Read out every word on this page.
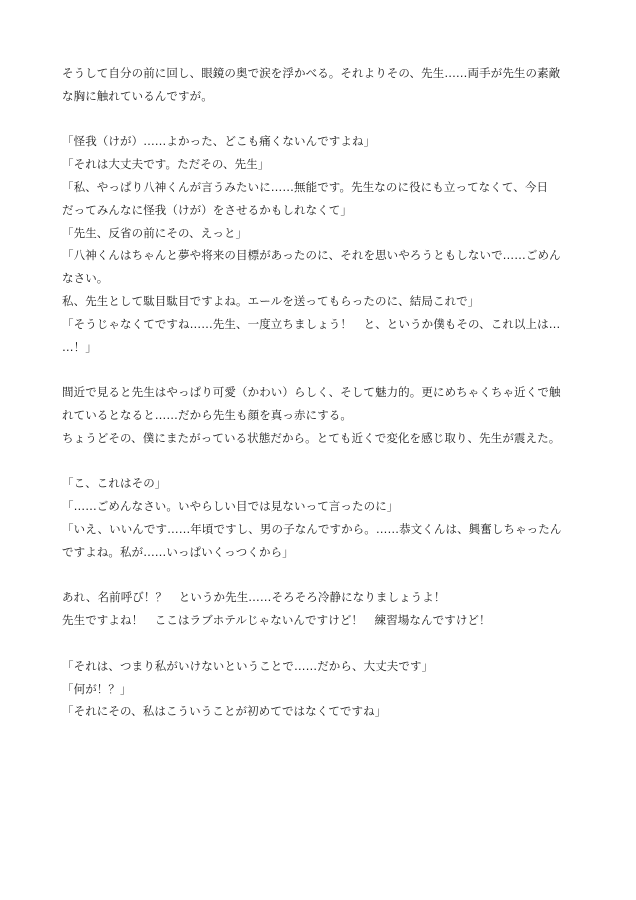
そうして自分の前に回し、眼鏡の奥で涙を浮かべる。それよりその、先生……両手が先生の素敵
な胸に触れているんですが。
「怪我（けが）……よかった、どこも痛くないんですよね」
「それは大丈夫です。ただその、先生」
「私、やっぱり八神くんが言うみたいに……無能です。先生なのに役にも立ってなくて、今日
だってみんなに怪我（けが）をさせるかもしれなくて」
「先生、反省の前にその、えっと」
「八神くんはちゃんと夢や将来の目標があったのに、それを思いやろうともしないで……ごめん
なさい。
私、先生として駄目駄目ですよね。エールを送ってもらったのに、結局これで」
「そうじゃなくてですね……先生、一度立ちましょう！　と、というか僕もその、これ以上は…
…！」
間近で見ると先生はやっぱり可愛（かわい）らしく、そして魅力的。更にめちゃくちゃ近くで触
れているとなると……だから先生も顔を真っ赤にする。
ちょうどその、僕にまたがっている状態だから。とても近くで変化を感じ取り、先生が震えた。
「こ、これはその」
「……ごめんなさい。いやらしい目では見ないって言ったのに」
「いえ、いいんです……年頃ですし、男の子なんですから。……恭文くんは、興奮しちゃったん
ですよね。私が……いっぱいくっつくから」
あれ、名前呼び！？　というか先生……そろそろ冷静になりましょうよ！
先生ですよね！　ここはラブホテルじゃないんですけど！　練習場なんですけど！
「それは、つまり私がいけないということで……だから、大丈夫です」
「何が！？」
「それにその、私はこういうことが初めてではなくてですね」
